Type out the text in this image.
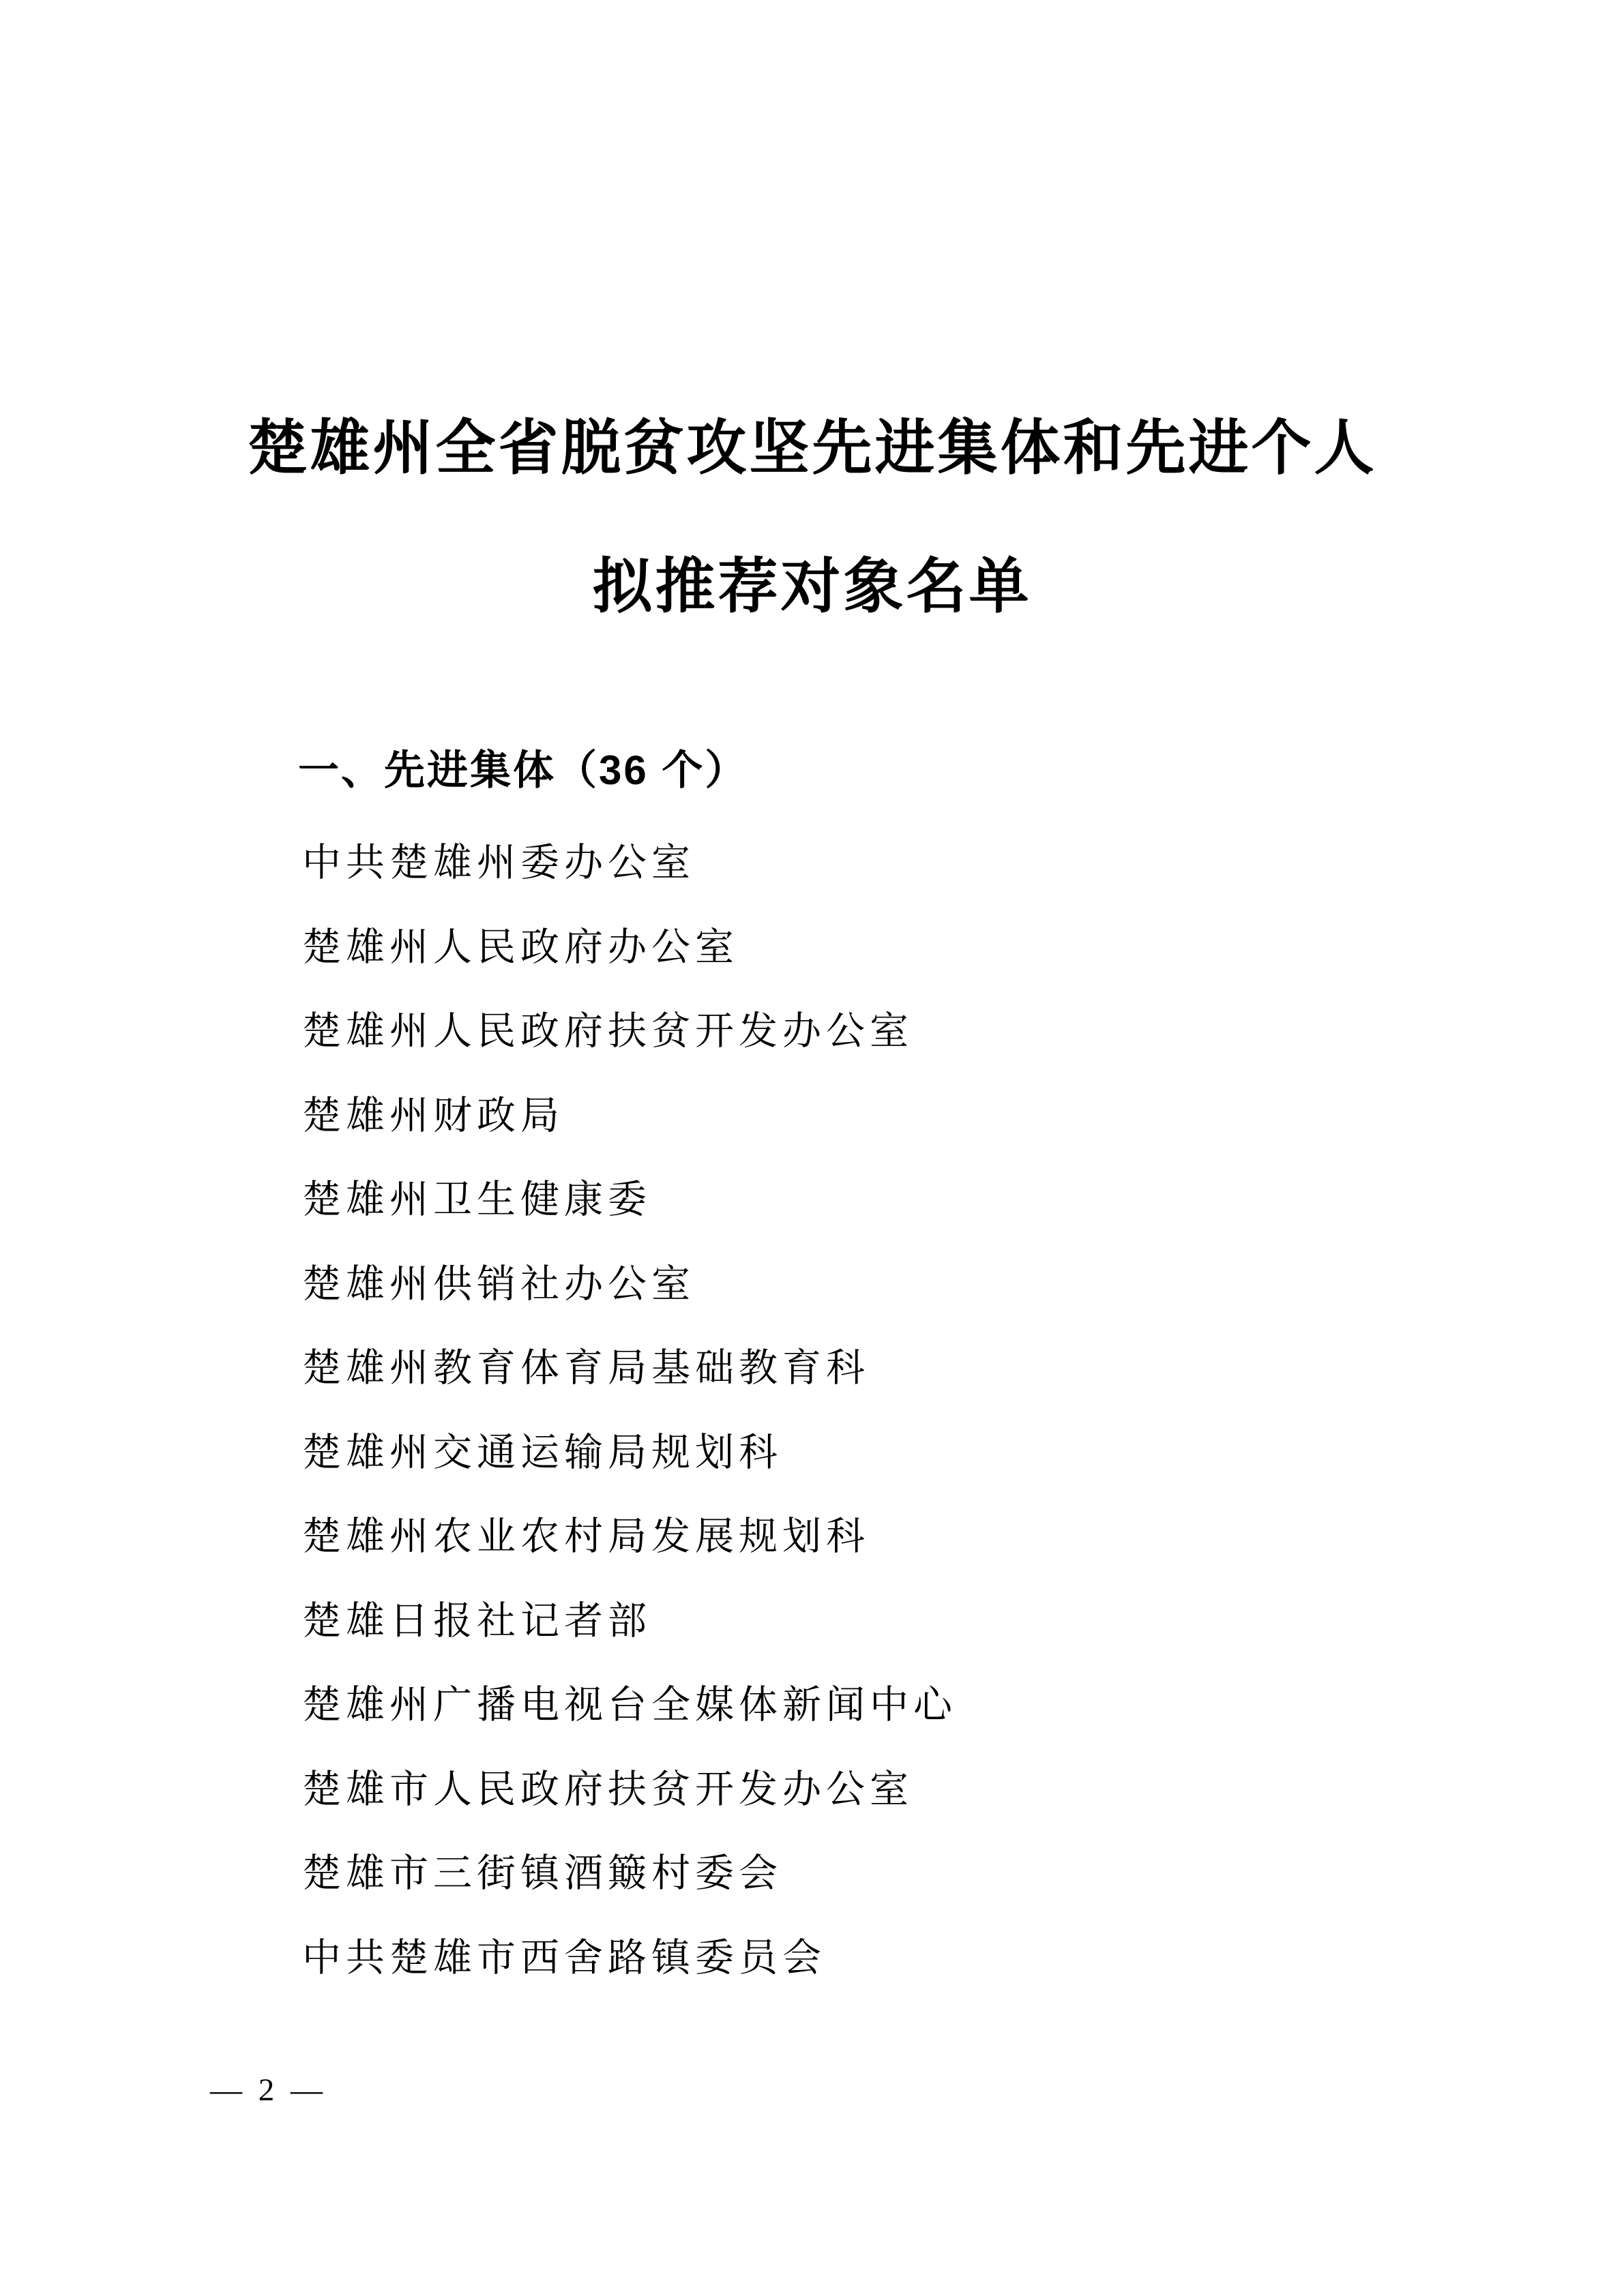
楚雄州全省脱贫攻坚先进集体和先进个人
拟推荐对象名单
一、先进集体（36 个）
中共楚雄州委办公室
楚雄州人民政府办公室
楚雄州人民政府扶贫开发办公室
楚雄州财政局
楚雄州卫生健康委
楚雄州供销社办公室
楚雄州教育体育局基础教育科
楚雄州交通运输局规划科
楚雄州农业农村局发展规划科
楚雄日报社记者部
楚雄州广播电视台全媒体新闻中心
楚雄市人民政府扶贫开发办公室
楚雄市三街镇酒簸村委会
中共楚雄市西舍路镇委员会
— 2 —
